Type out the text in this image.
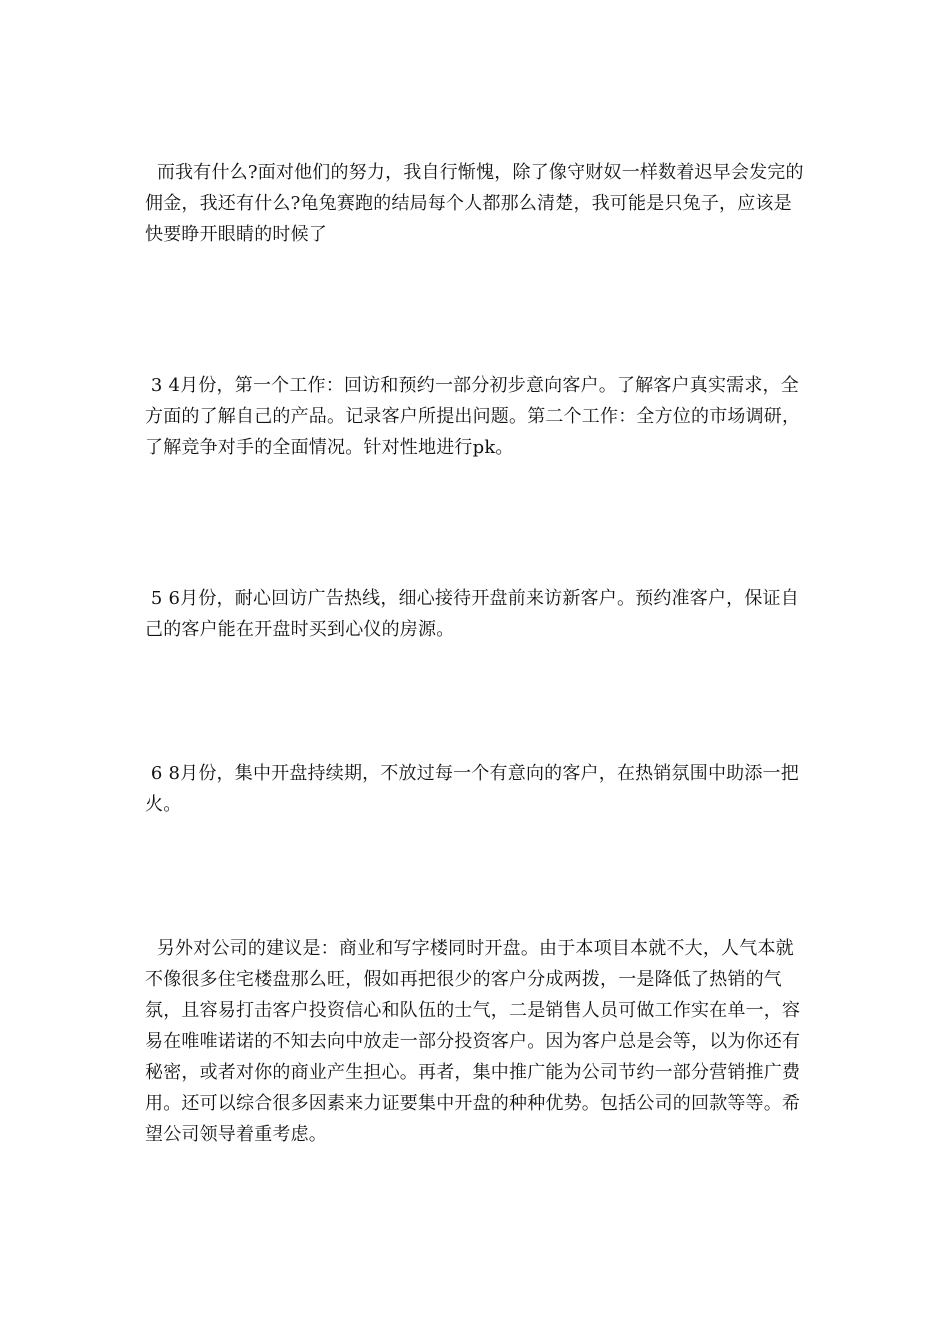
而我有什么?面对他们的努力，我自行惭愧，除了像守财奴一样数着迟早会发完的佣金，我还有什么?龟兔赛跑的结局每个人都那么清楚，我可能是只兔子，应该是快要睁开眼睛的时候了

3 4月份，第一个工作：回访和预约一部分初步意向客户。了解客户真实需求，全方面的了解自己的产品。记录客户所提出问题。第二个工作：全方位的市场调研，了解竞争对手的全面情况。针对性地进行pk。

5 6月份，耐心回访广告热线，细心接待开盘前来访新客户。预约准客户，保证自己的客户能在开盘时买到心仪的房源。

6 8月份，集中开盘持续期，不放过每一个有意向的客户，在热销氛围中助添一把火。

另外对公司的建议是：商业和写字楼同时开盘。由于本项目本就不大，人气本就不像很多住宅楼盘那么旺，假如再把很少的客户分成两拨，一是降低了热销的气氛，且容易打击客户投资信心和队伍的士气，二是销售人员可做工作实在单一，容易在唯唯诺诺的不知去向中放走一部分投资客户。因为客户总是会等，以为你还有秘密，或者对你的商业产生担心。再者，集中推广能为公司节约一部分营销推广费用。还可以综合很多因素来力证要集中开盘的种种优势。包括公司的回款等等。希望公司领导着重考虑。
